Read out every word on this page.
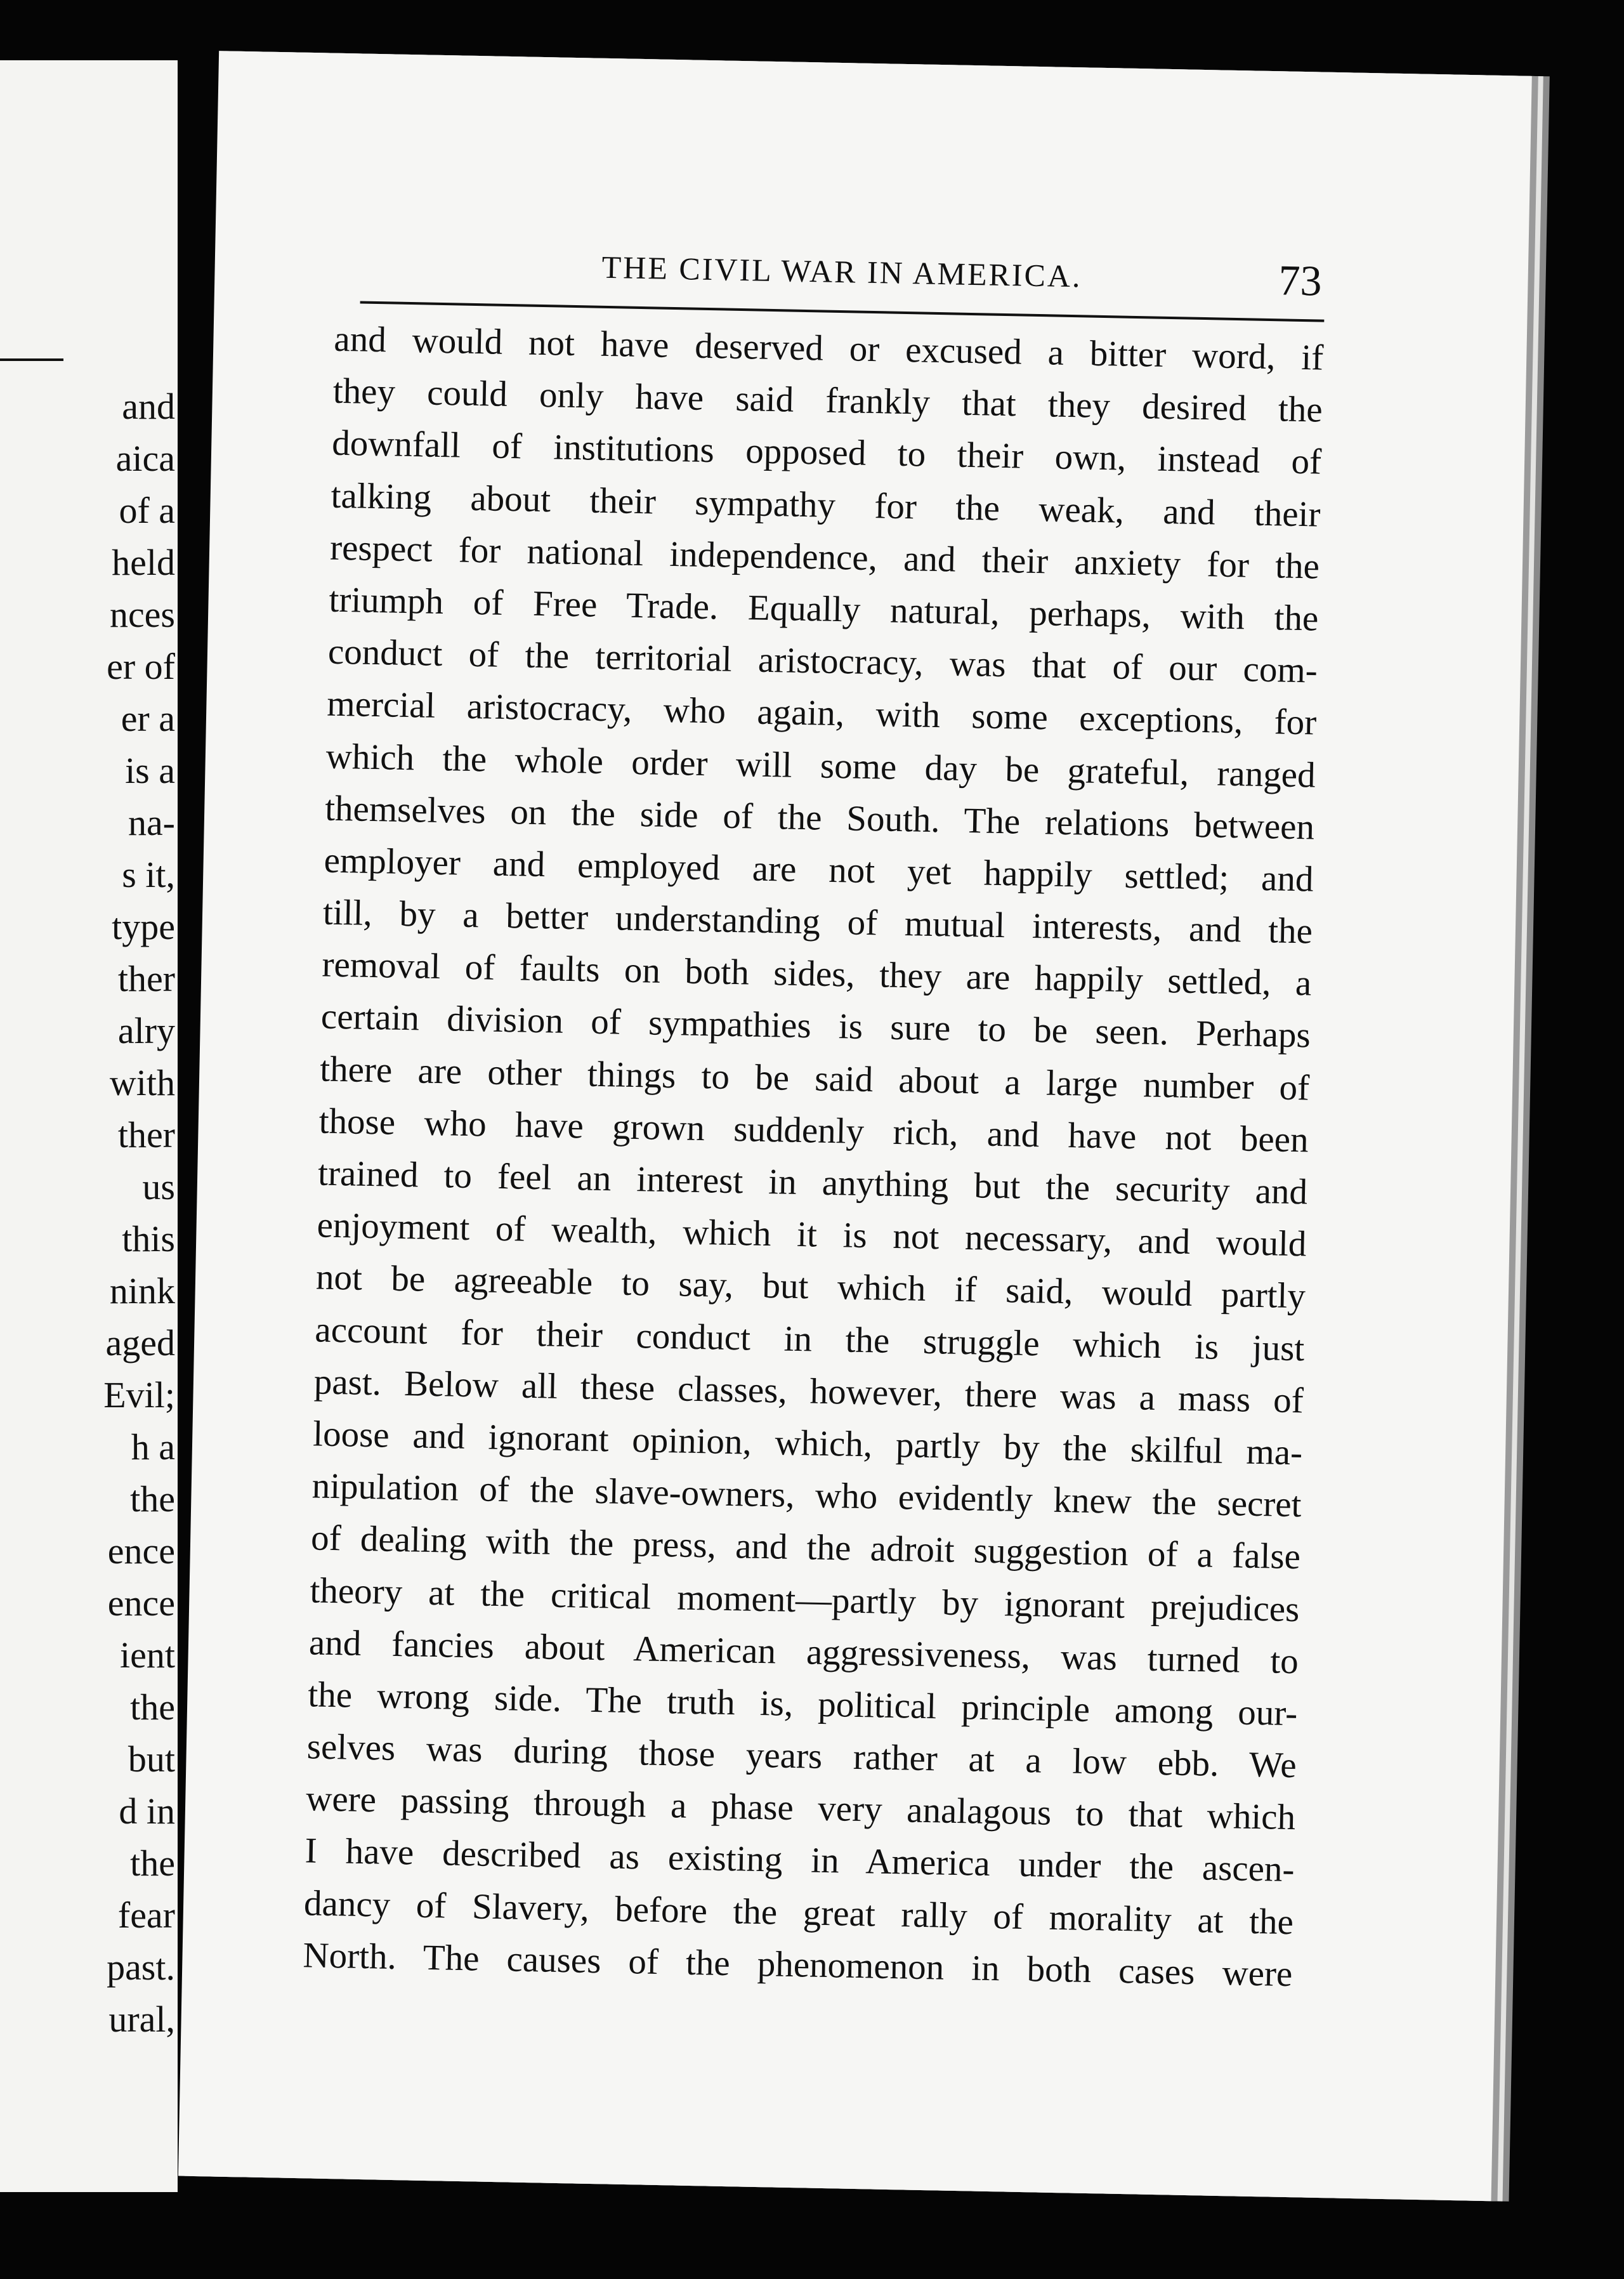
and
aica
of a
held
nces
er of
er a
is a
na-
s it,
type
ther
alry
with
ther
us
this
nink
aged
Evil;
h a
the
ence
ence
ient
the
but
d in
the
fear
past.
ural,
THE CIVIL WAR IN AMERICA.	73
and would not have deserved or excused a bitter word, if
they could only have said frankly that they desired the
downfall of institutions opposed to their own, instead of
talking about their sympathy for the weak, and their
respect for national independence, and their anxiety for the
triumph of Free Trade. Equally natural, perhaps, with the
conduct of the territorial aristocracy, was that of our com-
mercial aristocracy, who again, with some exceptions, for
which the whole order will some day be grateful, ranged
themselves on the side of the South. The relations between
employer and employed are not yet happily settled; and
till, by a better understanding of mutual interests, and the
removal of faults on both sides, they are happily settled, a
certain division of sympathies is sure to be seen. Perhaps
there are other things to be said about a large number of
those who have grown suddenly rich, and have not been
trained to feel an interest in anything but the security and
enjoyment of wealth, which it is not necessary, and would
not be agreeable to say, but which if said, would partly
account for their conduct in the struggle which is just
past. Below all these classes, however, there was a mass of
loose and ignorant opinion, which, partly by the skilful ma-
nipulation of the slave-owners, who evidently knew the secret
of dealing with the press, and the adroit suggestion of a false
theory at the critical moment—partly by ignorant prejudices
and fancies about American aggressiveness, was turned to
the wrong side. The truth is, political principle among our-
selves was during those years rather at a low ebb. We
were passing through a phase very analagous to that which
I have described as existing in America under the ascen-
dancy of Slavery, before the great rally of morality at the
North. The causes of the phenomenon in both cases were
